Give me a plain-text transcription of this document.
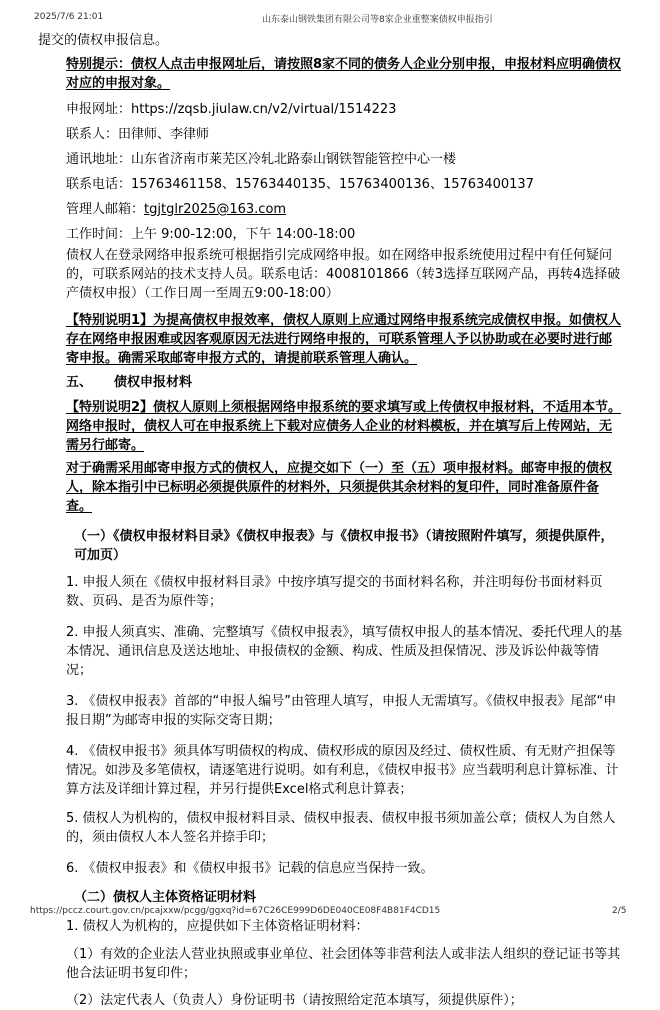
2025/7/6 21:01	山东泰山钢铁集团有限公司等8家企业重整案债权申报指引

提交的债权申报信息。

特别提示：债权人点击申报网址后，请按照8家不同的债务人企业分别申报，申报材料应明确债权对应的申报对象。

申报网址：https://zqsb.jiulaw.cn/v2/virtual/1514223

联系人：田律师、李律师

通讯地址：山东省济南市莱芜区冷轧北路泰山钢铁智能管控中心一楼

联系电话：15763461158、15763440135、15763400136、15763400137

管理人邮箱：tgjtglr2025@163.com

工作时间：上午 9:00-12:00，下午 14:00-18:00

债权人在登录网络申报系统可根据指引完成网络申报。如在网络申报系统使用过程中有任何疑问的，可联系网站的技术支持人员。联系电话：4008101866（转3选择互联网产品，再转4选择破产债权申报）（工作日周一至周五9:00-18:00）

【特别说明1】为提高债权申报效率，债权人原则上应通过网络申报系统完成债权申报。如债权人存在网络申报困难或因客观原因无法进行网络申报的，可联系管理人予以协助或在必要时进行邮寄申报。确需采取邮寄申报方式的，请提前联系管理人确认。

五、 债权申报材料

【特别说明2】债权人原则上须根据网络申报系统的要求填写或上传债权申报材料，不适用本节。网络申报时，债权人可在申报系统上下载对应债务人企业的材料模板，并在填写后上传网站，无需另行邮寄。

对于确需采用邮寄申报方式的债权人，应提交如下（一）至（五）项申报材料。邮寄申报的债权人，除本指引中已标明必须提供原件的材料外，只须提供其余材料的复印件，同时准备原件备查。

（一）《债权申报材料目录》《债权申报表》与《债权申报书》（请按照附件填写，须提供原件，可加页）

1. 申报人须在《债权申报材料目录》中按序填写提交的书面材料名称，并注明每份书面材料页数、页码、是否为原件等；

2. 申报人须真实、准确、完整填写《债权申报表》，填写债权申报人的基本情况、委托代理人的基本情况、通讯信息及送达地址、申报债权的金额、构成、性质及担保情况、涉及诉讼仲裁等情况；

3. 《债权申报表》首部的“申报人编号”由管理人填写，申报人无需填写。《债权申报表》尾部“申报日期”为邮寄申报的实际交寄日期；

4. 《债权申报书》须具体写明债权的构成、债权形成的原因及经过、债权性质、有无财产担保等情况。如涉及多笔债权，请逐笔进行说明。如有利息，《债权申报书》应当载明利息计算标准、计算方法及详细计算过程，并另行提供Excel格式利息计算表；

5. 债权人为机构的，债权申报材料目录、债权申报表、债权申报书须加盖公章；债权人为自然人的，须由债权人本人签名并捺手印；

6. 《债权申报表》和《债权申报书》记载的信息应当保持一致。

（二）债权人主体资格证明材料

1. 债权人为机构的，应提供如下主体资格证明材料：

（1）有效的企业法人营业执照或事业单位、社会团体等非营利法人或非法人组织的登记证书等其他合法证明书复印件；

（2）法定代表人（负责人）身份证明书（请按照给定范本填写，须提供原件）；

https://pccz.court.gov.cn/pcajxxw/pcgg/ggxq?id=67C26CE999D6DE040CE08F4B81F4CD15	2/5
